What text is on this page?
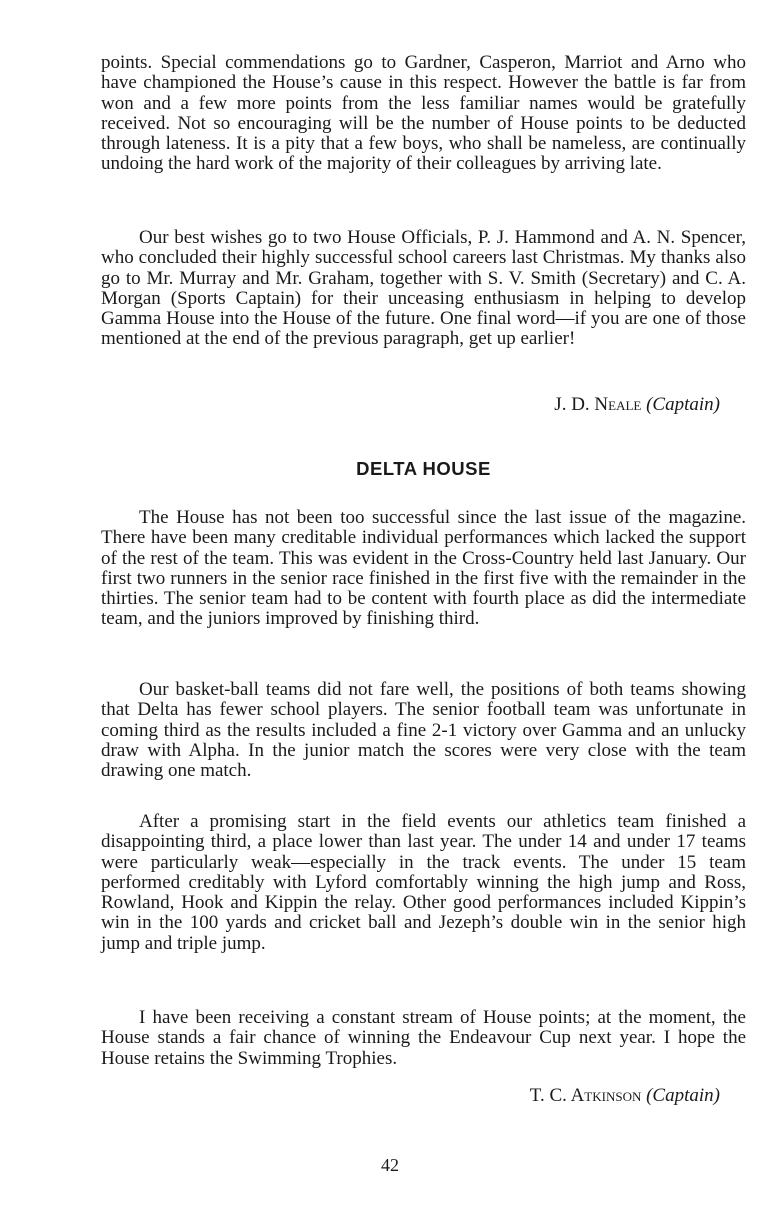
points. Special commendations go to Gardner, Casperon, Marriot and Arno who have championed the House’s cause in this respect. However the battle is far from won and a few more points from the less familiar names would be gratefully received. Not so encouraging will be the number of House points to be deducted through lateness. It is a pity that a few boys, who shall be nameless, are continually undoing the hard work of the majority of their colleagues by arriving late.

Our best wishes go to two House Officials, P. J. Hammond and A. N. Spencer, who concluded their highly successful school careers last Christmas. My thanks also go to Mr. Murray and Mr. Graham, together with S. V. Smith (Secretary) and C. A. Morgan (Sports Captain) for their unceasing enthusiasm in helping to develop Gamma House into the House of the future. One final word—if you are one of those mentioned at the end of the previous paragraph, get up earlier!

J. D. Neale (Captain)

DELTA HOUSE

The House has not been too successful since the last issue of the magazine. There have been many creditable individual performances which lacked the support of the rest of the team. This was evident in the Cross-Country held last January. Our first two runners in the senior race finished in the first five with the remainder in the thirties. The senior team had to be content with fourth place as did the intermediate team, and the juniors improved by finishing third.

Our basket-ball teams did not fare well, the positions of both teams showing that Delta has fewer school players. The senior football team was unfortunate in coming third as the results included a fine 2-1 victory over Gamma and an unlucky draw with Alpha. In the junior match the scores were very close with the team drawing one match.

After a promising start in the field events our athletics team finished a disappointing third, a place lower than last year. The under 14 and under 17 teams were particularly weak—especially in the track events. The under 15 team performed creditably with Lyford comfortably winning the high jump and Ross, Rowland, Hook and Kippin the relay. Other good performances included Kippin’s win in the 100 yards and cricket ball and Jezeph’s double win in the senior high jump and triple jump.

I have been receiving a constant stream of House points; at the moment, the House stands a fair chance of winning the Endeavour Cup next year. I hope the House retains the Swimming Trophies.

T. C. Atkinson (Captain)

42
